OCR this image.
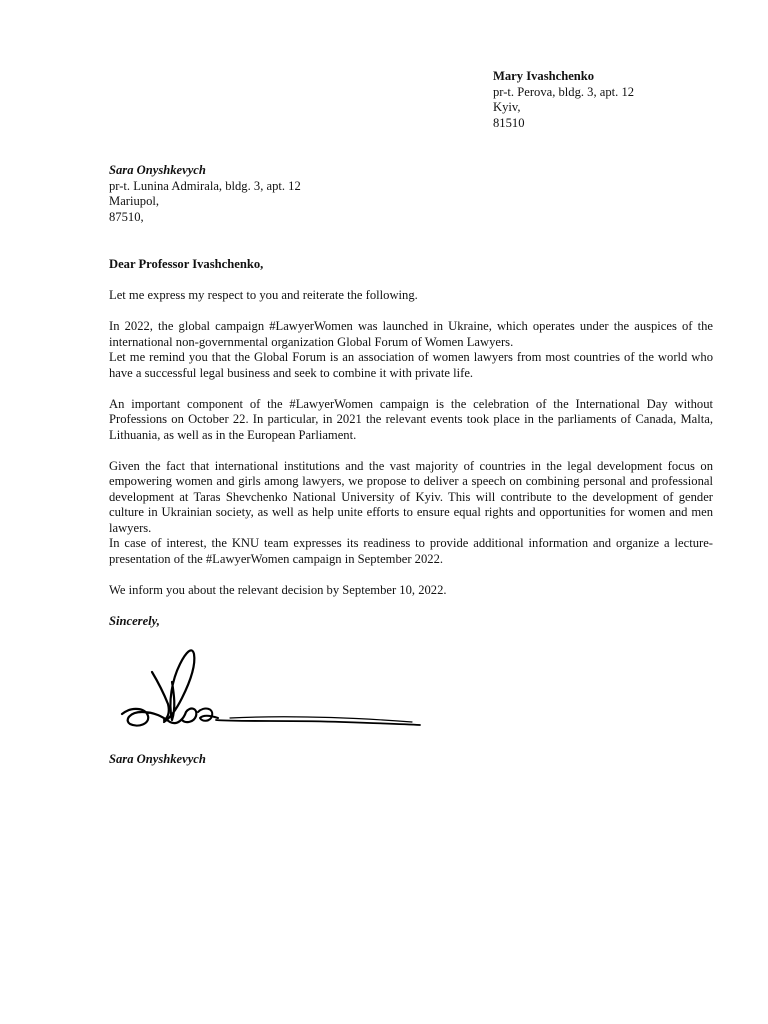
Mary Ivashchenko
pr-t. Perova, bldg. 3, apt. 12
Kyiv,
81510
Sara Onyshkevych
pr-t. Lunina Admirala, bldg. 3, apt. 12
Mariupol,
87510,

Dear Professor Ivashchenko,

Let me express my respect to you and reiterate the following.

In 2022, the global campaign #LawyerWomen was launched in Ukraine, which operates under the auspices of the international non-governmental organization Global Forum of Women Lawyers.

Let me remind you that the Global Forum is an association of women lawyers from most countries of the world who have a successful legal business and seek to combine it with private life.

An important component of the #LawyerWomen campaign is the celebration of the International Day without Professions on October 22. In particular, in 2021 the relevant events took place in the parliaments of Canada, Malta, Lithuania, as well as in the European Parliament.

Given the fact that international institutions and the vast majority of countries in the legal development focus on empowering women and girls among lawyers, we propose to deliver a speech on combining personal and professional development at Taras Shevchenko National University of Kyiv. This will contribute to the development of gender culture in Ukrainian society, as well as help unite efforts to ensure equal rights and opportunities for women and men lawyers.

In case of interest, the KNU team expresses its readiness to provide additional information and organize a lecture-presentation of the #LawyerWomen campaign in September 2022.

We inform you about the relevant decision by September 10, 2022.

Sincerely,

Sara Onyshkevych
